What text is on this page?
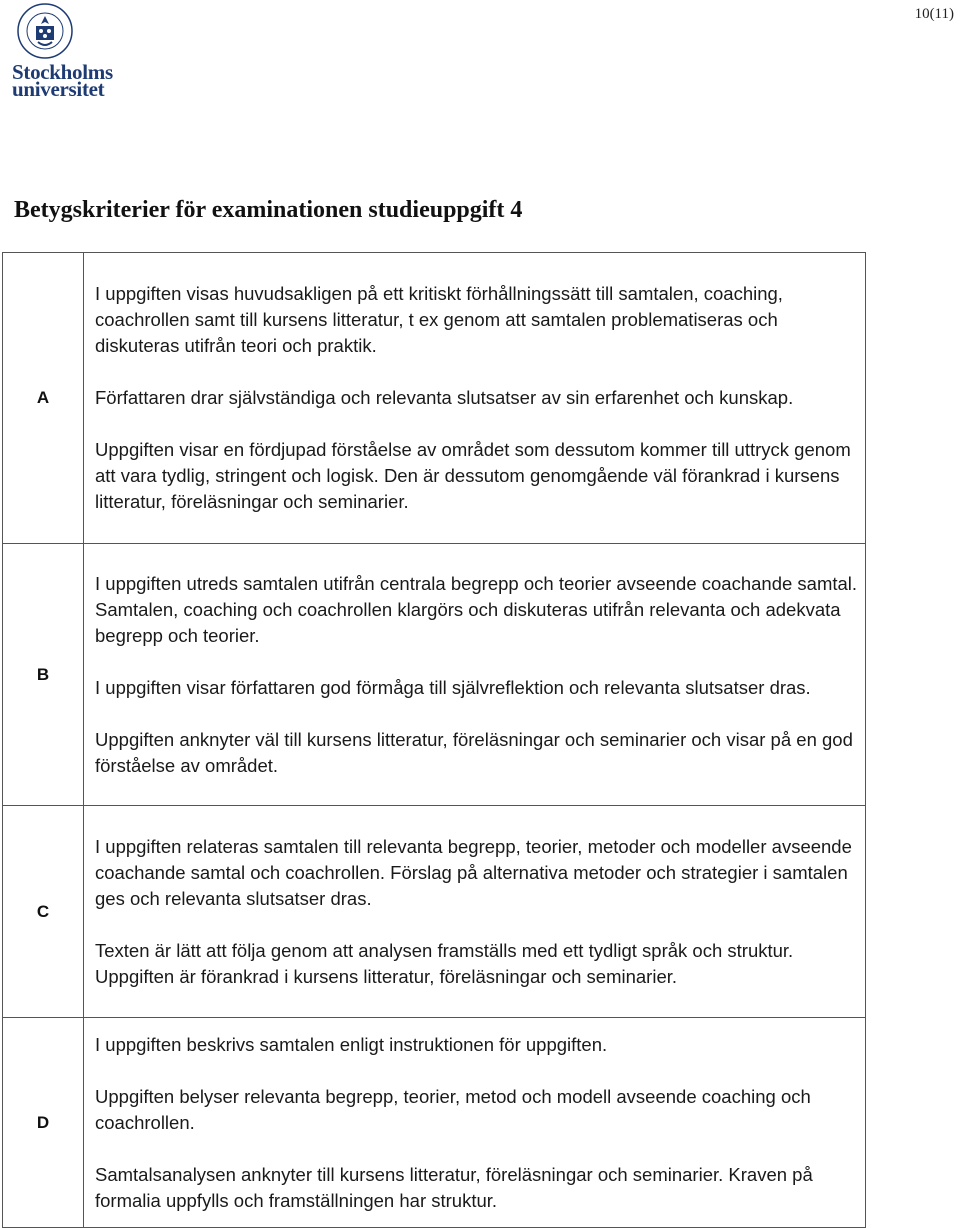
Stockholms
universitet
10(11)
Betygskriterier för examinationen studieuppgift 4
A	I uppgiften visas huvudsakligen på ett kritiskt förhållningssätt till samtalen, coaching, coachrollen samt till kursens litteratur, t ex genom att samtalen problematiseras och diskuteras utifrån teori och praktik.

Författaren drar självständiga och relevanta slutsatser av sin erfarenhet och kunskap.

Uppgiften visar en fördjupad förståelse av området som dessutom kommer till uttryck genom att vara tydlig, stringent och logisk. Den är dessutom genomgående väl förankrad i kursens litteratur, föreläsningar och seminarier.

B	I uppgiften utreds samtalen utifrån centrala begrepp och teorier avseende coachande samtal. Samtalen, coaching och coachrollen klargörs och diskuteras utifrån relevanta och adekvata begrepp och teorier.

I uppgiften visar författaren god förmåga till självreflektion och relevanta slutsatser dras.

Uppgiften anknyter väl till kursens litteratur, föreläsningar och seminarier och visar på en god förståelse av området.

C	I uppgiften relateras samtalen till relevanta begrepp, teorier, metoder och modeller avseende coachande samtal och coachrollen. Förslag på alternativa metoder och strategier i samtalen ges och relevanta slutsatser dras.

Texten är lätt att följa genom att analysen framställs med ett tydligt språk och struktur. Uppgiften är förankrad i kursens litteratur, föreläsningar och seminarier.

D	I uppgiften beskrivs samtalen enligt instruktionen för uppgiften.

Uppgiften belyser relevanta begrepp, teorier, metod och modell avseende coaching och coachrollen.

Samtalsanalysen anknyter till kursens litteratur, föreläsningar och seminarier. Kraven på formalia uppfylls och framställningen har struktur.
